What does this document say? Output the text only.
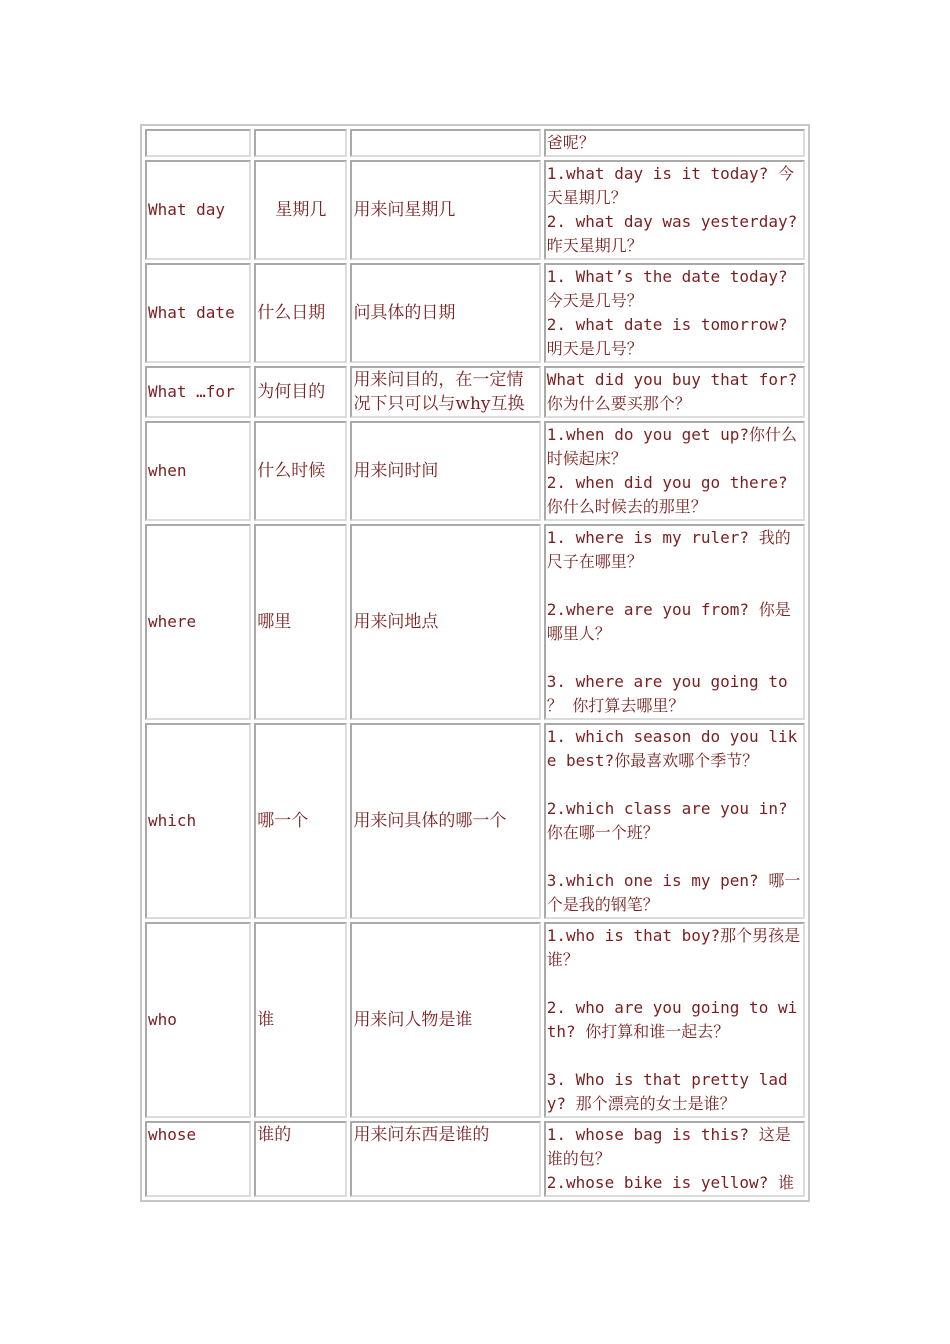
			爸呢？

What day	星期几	用来问星期几	1.what day is it today? 今天星期几？

2. what day was yesterday? 昨天星期几？

What date	什么日期	问具体的日期	1. What’s the date today? 今天是几号？

2. what date is tomorrow? 明天是几号？

What …for	为何目的	用来问目的，在一定情况下只可以与why互换	What did you buy that for? 你为什么要买那个？

when	什么时候	用来问时间	1.when do you get up?你什么时候起床？

2. when did you go there? 你什么时候去的那里？

where	哪里	用来问地点	1. where is my ruler? 我的尺子在哪里？

2.where are you from? 你是哪里人？

3. where are you going to ？ 你打算去哪里？

which	哪一个	用来问具体的哪一个	1. which season do you like best?你最喜欢哪个季节？

2.which class are you in?你在哪一个班？

3.which one is my pen? 哪一个是我的钢笔？

who	谁	用来问人物是谁	1.who is that boy?那个男孩是谁？

2. who are you going to with? 你打算和谁一起去？

3. Who is that pretty lady? 那个漂亮的女士是谁？

whose	谁的	用来问东西是谁的	1. whose bag is this? 这是谁的包？

2.whose bike is yellow? 谁
